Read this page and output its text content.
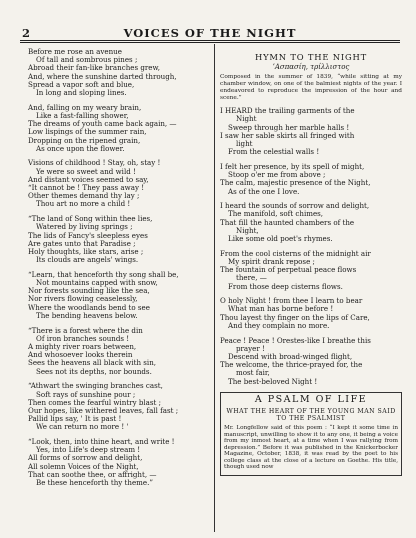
2	VOICES OF THE NIGHT
Before me rose an avenue
Of tall and sombrous pines ;
Abroad their fan-like branches grew,
And, where the sunshine darted through,
Spread a vapor soft and blue,
In long and sloping lines.
And, falling on my weary brain,
Like a fast-falling shower,
The dreams of youth came back again, —
Low lispings of the summer rain,
Dropping on the ripened grain,
As once upon the flower.
Visions of childhood ! Stay, oh, stay !
Ye were so sweet and wild !
And distant voices seemed to say,
“It cannot be ! They pass away !
Other themes demand thy lay ;
Thou art no more a child !
“The land of Song within thee lies,
Watered by living springs ;
The lids of Fancy's sleepless eyes
Are gates unto that Paradise ;
Holy thoughts, like stars, arise ;
Its clouds are angels' wings.
“Learn, that henceforth thy song shall be,
Not mountains capped with snow,
Nor forests sounding like the sea,
Nor rivers flowing ceaselessly,
Where the woodlands bend to see
The bending heavens below.
“There is a forest where the din
Of iron branches sounds !
A mighty river roars between,
And whosoever looks therein
Sees the heavens all black with sin,
Sees not its depths, nor bounds.
“Athwart the swinging branches cast,
Soft rays of sunshine pour ;
Then comes the fearful wintry blast ;
Our hopes, like withered leaves, fall fast ;
Pallid lips say, ' It is past !
We can return no more ! '
“Look, then, into thine heart, and write !
Yes, into Life's deep stream !
All forms of sorrow and delight,
All solemn Voices of the Night,
That can soothe thee, or affright, —
Be these henceforth thy theme.”
HYMN TO THE NIGHT
’Aσπασίη, τρίλλιστος
Composed in the summer of 1839, “while sitting at my chamber window, on one of the balmiest nights of the year. I endeavored to reproduce the impression of the hour and scene.”
I HEARD the trailing garments of the
Night
Sweep through her marble halls !
I saw her sable skirts all fringed with
light
From the celestial walls !
I felt her presence, by its spell of might,
Stoop o'er me from above ;
The calm, majestic presence of the Night,
As of the one I love.
I heard the sounds of sorrow and delight,
The manifold, soft chimes,
That fill the haunted chambers of the
Night,
Like some old poet's rhymes.
From the cool cisterns of the midnight air
My spirit drank repose ;
The fountain of perpetual peace flows
there, —
From those deep cisterns flows.
O holy Night ! from thee I learn to bear
What man has borne before !
Thou layest thy finger on the lips of Care,
And they complain no more.
Peace ! Peace ! Orestes-like I breathe this
prayer !
Descend with broad-winged flight,
The welcome, the thrice-prayed for, the
most fair,
The best-beloved Night !
A PSALM OF LIFE
WHAT THE HEART OF THE YOUNG MAN SAID TO THE PSALMIST
Mr. Longfellow said of this poem : “I kept it some time in manuscript, unwilling to show it to any one, it being a voice from my inmost heart, at a time when I was rallying from depression.” Before it was published in the Knickerbocker Magazine, October, 1838, it was read by the poet to his college class at the close of a lecture on Goethe. His title, though used now
